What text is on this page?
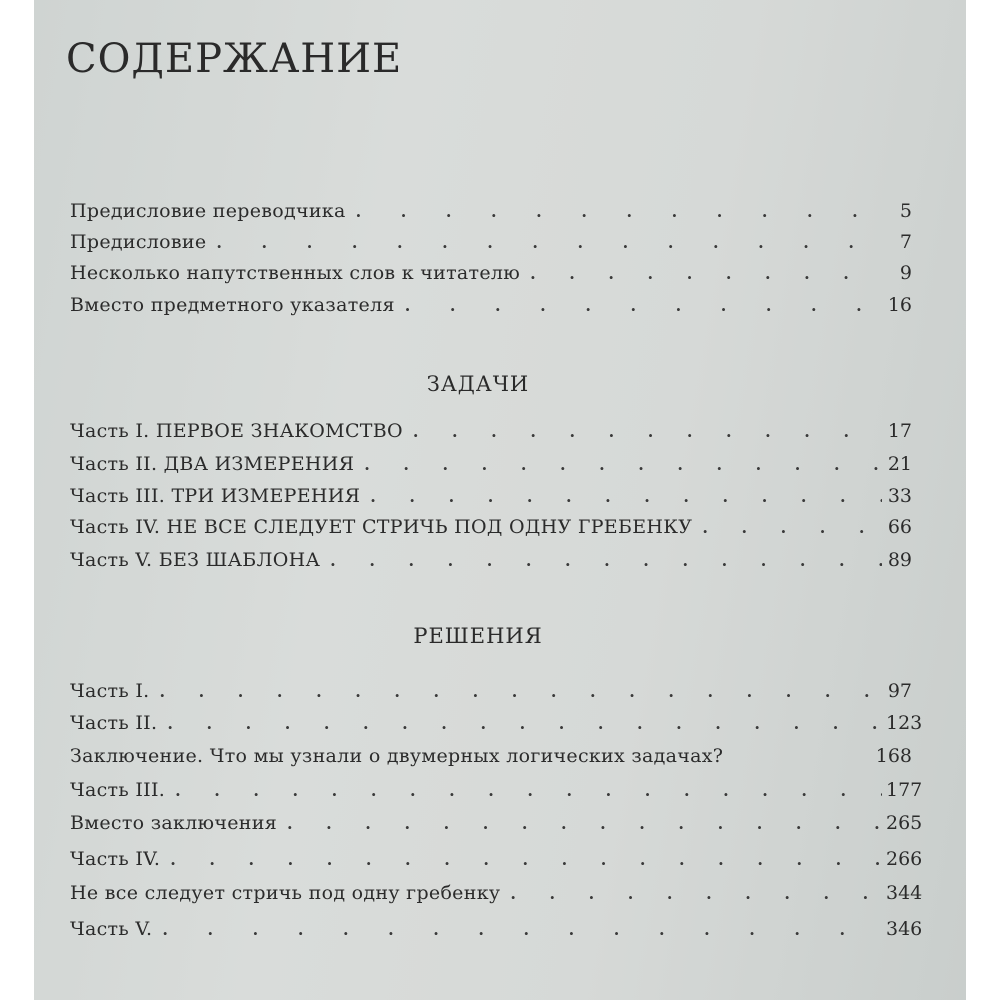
СОДЕРЖАНИЕ
Предисловие переводчика . . .	5
Предисловие . . .	7
Несколько напутственных слов к читателю . . .	9
Вместо предметного указателя . . .	16
ЗАДАЧИ
Часть I. ПЕРВОЕ ЗНАКОМСТВО . . .	17
Часть II. ДВА ИЗМЕРЕНИЯ . . .	21
Часть III. ТРИ ИЗМЕРЕНИЯ . . .	33
Часть IV. НЕ ВСЕ СЛЕДУЕТ СТРИЧЬ ПОД ОДНУ ГРЕБЕНКУ . . .	66
Часть V. БЕЗ ШАБЛОНА . . .	89
РЕШЕНИЯ
Часть I. . . .	97
Часть II. . . .	123
Заключение. Что мы узнали о двумерных логических задачах?	168
Часть III. . . .	177
Вместо заключения . . .	265
Часть IV. . . .	266
Не все следует стричь под одну гребенку . . .	344
Часть V. . . .	346
